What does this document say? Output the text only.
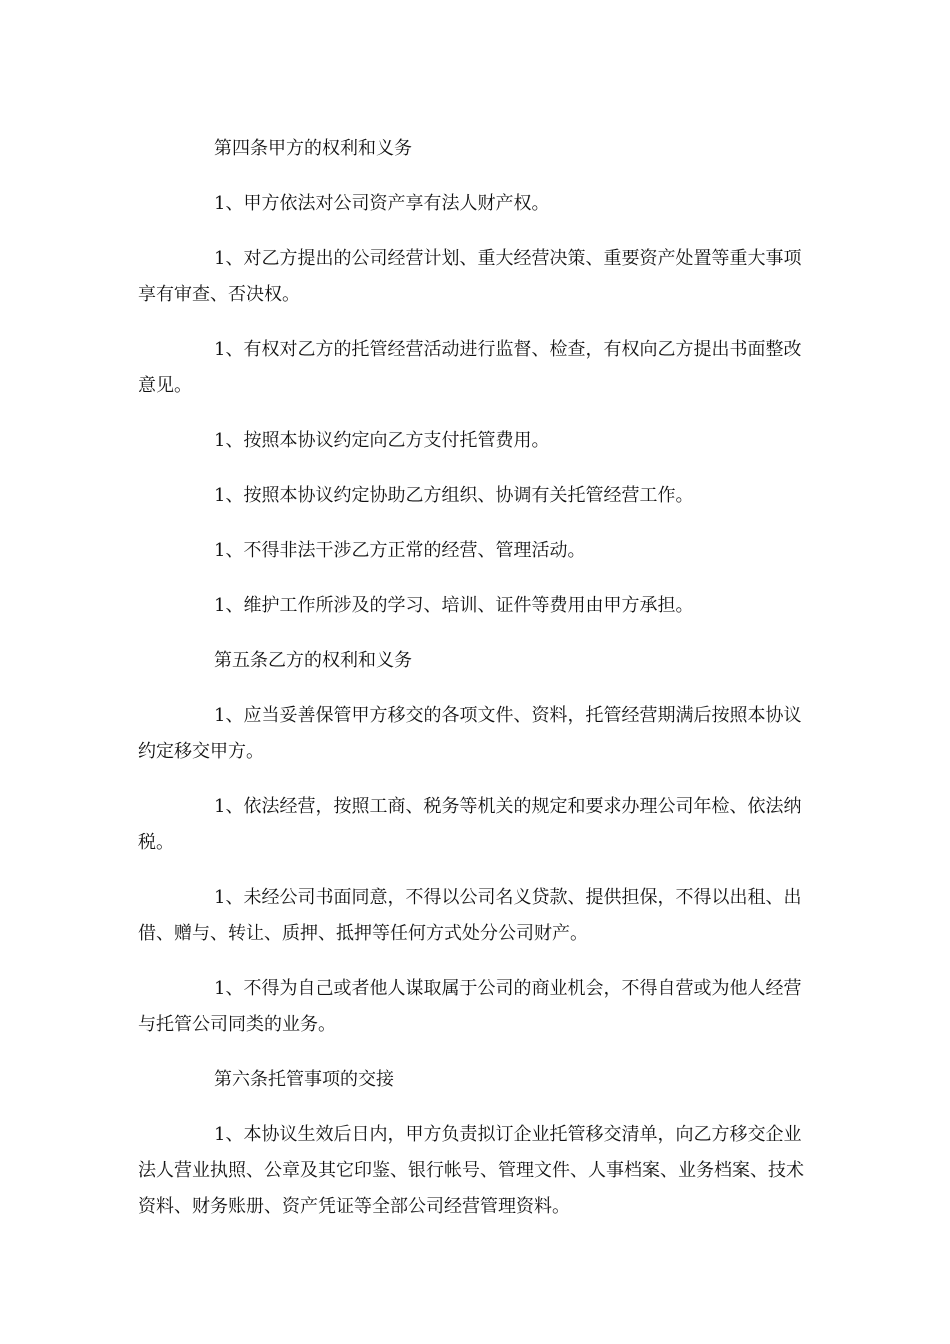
第四条甲方的权利和义务

1、甲方依法对公司资产享有法人财产权。

1、对乙方提出的公司经营计划、重大经营决策、重要资产处置等重大事项享有审查、否决权。

1、有权对乙方的托管经营活动进行监督、检查，有权向乙方提出书面整改意见。

1、按照本协议约定向乙方支付托管费用。

1、按照本协议约定协助乙方组织、协调有关托管经营工作。

1、不得非法干涉乙方正常的经营、管理活动。

1、维护工作所涉及的学习、培训、证件等费用由甲方承担。

第五条乙方的权利和义务

1、应当妥善保管甲方移交的各项文件、资料，托管经营期满后按照本协议约定移交甲方。

1、依法经营，按照工商、税务等机关的规定和要求办理公司年检、依法纳税。

1、未经公司书面同意，不得以公司名义贷款、提供担保，不得以出租、出借、赠与、转让、质押、抵押等任何方式处分公司财产。

1、不得为自己或者他人谋取属于公司的商业机会，不得自营或为他人经营与托管公司同类的业务。

第六条托管事项的交接

1、本协议生效后日内，甲方负责拟订企业托管移交清单，向乙方移交企业法人营业执照、公章及其它印鉴、银行帐号、管理文件、人事档案、业务档案、技术资料、财务账册、资产凭证等全部公司经营管理资料。
